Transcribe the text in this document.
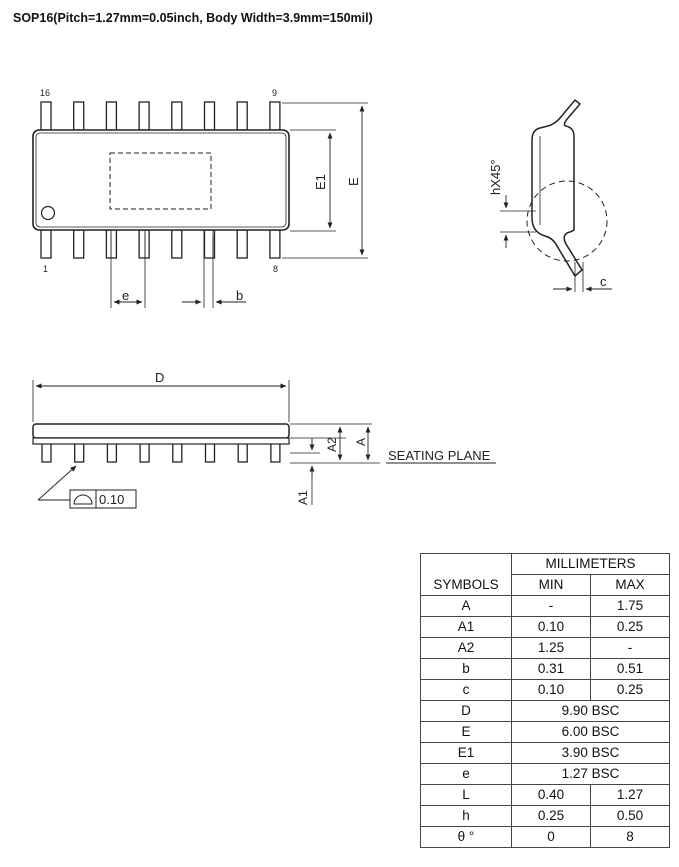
SOP16(Pitch=1.27mm=0.05inch, Body Width=3.9mm=150mil)
16	9
1	8
e	b
E1 E	hX45°
c
D
A2 A
A1
SEATING PLANE
0.10
	MILLIMETERS	
SYMBOLS	MIN	MAX
A	-	1.75
A1	0.10	0.25
A2	1.25	-
b	0.31	0.51
c	0.10	0.25
D	9.90 BSC	
E	6.00 BSC	
E1	3.90 BSC	
e	1.27 BSC	
L	0.40	1.27
h	0.25	0.50
θ °	0	8
